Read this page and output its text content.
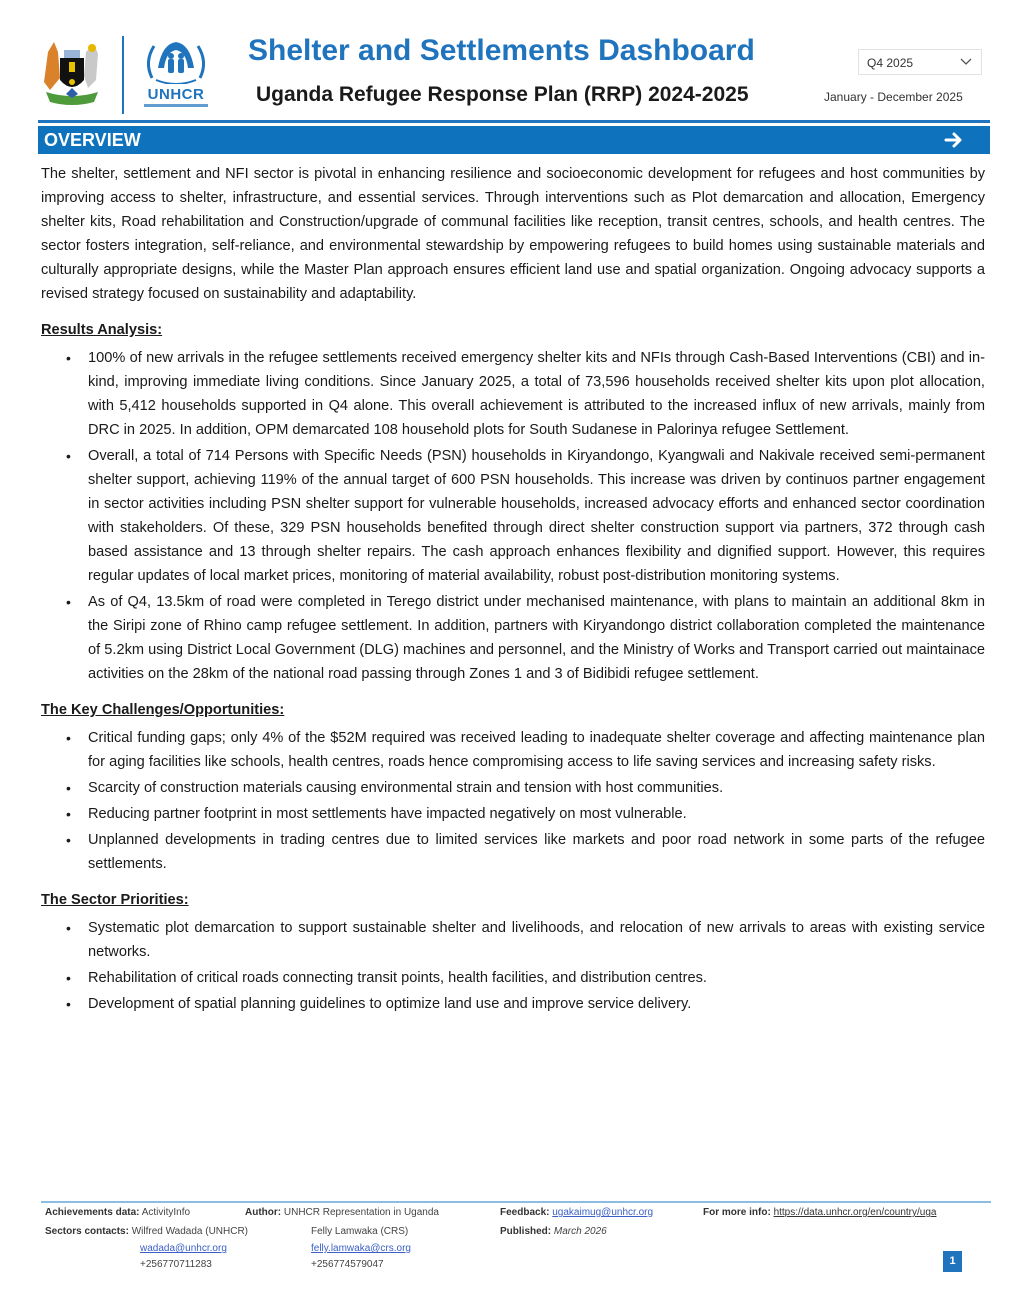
UNHCR
Shelter and Settlements Dashboard
Uganda Refugee Response Plan (RRP) 2024-2025
Q4 2025
January - December 2025
OVERVIEW

The shelter, settlement and NFI sector is pivotal in enhancing resilience and socioeconomic development for refugees and host communities by improving access to shelter, infrastructure, and essential services. Through interventions such as Plot demarcation and allocation, Emergency shelter kits, Road rehabilitation and Construction/upgrade of communal facilities like reception, transit centres, schools, and health centres. The sector fosters integration, self-reliance, and environmental stewardship by empowering refugees to build homes using sustainable materials and culturally appropriate designs, while the Master Plan approach ensures efficient land use and spatial organization. Ongoing advocacy supports a revised strategy focused on sustainability and adaptability.

Results Analysis:
• 100% of new arrivals in the refugee settlements received emergency shelter kits and NFIs through Cash-Based Interventions (CBI) and in-kind, improving immediate living conditions. Since January 2025, a total of 73,596 households received shelter kits upon plot allocation, with 5,412 households supported in Q4 alone. This overall achievement is attributed to the increased influx of new arrivals, mainly from DRC in 2025. In addition, OPM demarcated 108 household plots for South Sudanese in Palorinya refugee Settlement.
• Overall, a total of 714 Persons with Specific Needs (PSN) households in Kiryandongo, Kyangwali and Nakivale received semi-permanent shelter support, achieving 119% of the annual target of 600 PSN households. This increase was driven by continuos partner engagement in sector activities including PSN shelter support for vulnerable households, increased advocacy efforts and enhanced sector coordination with stakeholders. Of these, 329 PSN households benefited through direct shelter construction support via partners, 372 through cash based assistance and 13 through shelter repairs. The cash approach enhances flexibility and dignified support. However, this requires regular updates of local market prices, monitoring of material availability, robust post-distribution monitoring systems.
• As of Q4, 13.5km of road were completed in Terego district under mechanised maintenance, with plans to maintain an additional 8km in the Siripi zone of Rhino camp refugee settlement. In addition, partners with Kiryandongo district collaboration completed the maintenance of 5.2km using District Local Government (DLG) machines and personnel, and the Ministry of Works and Transport carried out maintainace activities on the 28km of the national road passing through Zones 1 and 3 of Bidibidi refugee settlement.
The Key Challenges/Opportunities:
• Critical funding gaps; only 4% of the $52M required was received leading to inadequate shelter coverage and affecting maintenance plan for aging facilities like schools, health centres, roads hence compromising access to life saving services and increasing safety risks.
• Scarcity of construction materials causing environmental strain and tension with host communities.
• Reducing partner footprint in most settlements have impacted negatively on most vulnerable.
• Unplanned developments in trading centres due to limited services like markets and poor road network in some parts of the refugee settlements.
The Sector Priorities:
• Systematic plot demarcation to support sustainable shelter and livelihoods, and relocation of new arrivals to areas with existing service networks.
• Rehabilitation of critical roads connecting transit points, health facilities, and distribution centres.
• Development of spatial planning guidelines to optimize land use and improve service delivery.
Achievements data: ActivityInfo	Author: UNHCR Representation in Uganda	Feedback: ugakaimug@unhcr.org	For more info: https://data.unhcr.org/en/country/uga
Sectors contacts: Wilfred Wadada (UNHCR)
wadada@unhcr.org
+256770711283
Felly Lamwaka (CRS)
felly.lamwaka@crs.org
+256774579047
Published: March 2026
1
